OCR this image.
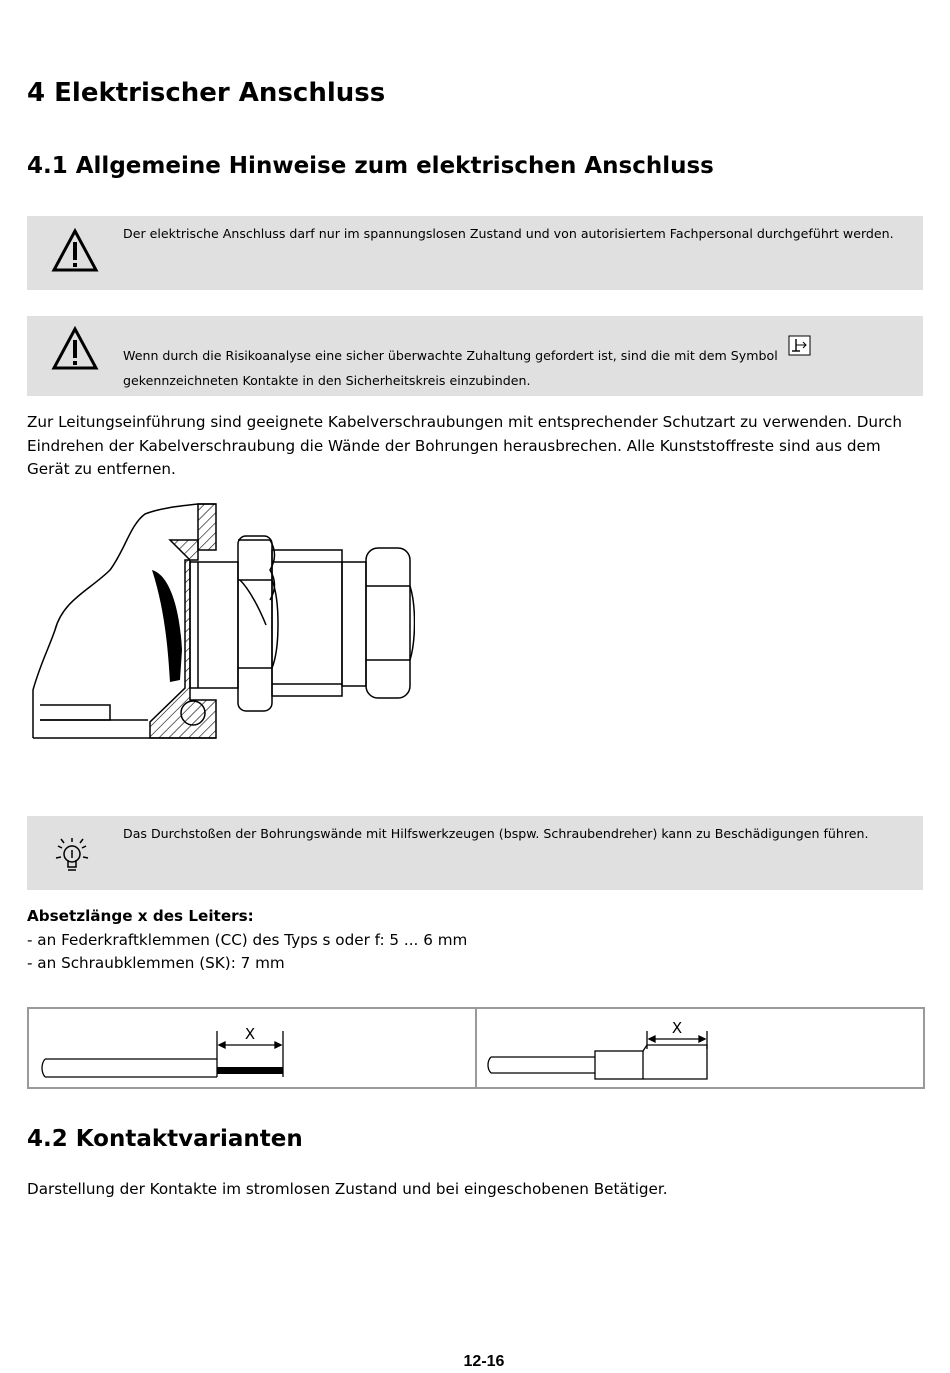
4 Elektrischer Anschluss
4.1 Allgemeine Hinweise zum elektrischen Anschluss
Der elektrische Anschluss darf nur im spannungslosen Zustand und von autorisiertem Fachpersonal durchgeführt werden.
Wenn durch die Risikoanalyse eine sicher überwachte Zuhaltung gefordert ist, sind die mit dem Symbol
gekennzeichneten Kontakte in den Sicherheitskreis einzubinden.
Zur Leitungseinführung sind geeignete Kabelverschraubungen mit entsprechender Schutzart zu verwenden. Durch
Eindrehen der Kabelverschraubung die Wände der Bohrungen herausbrechen. Alle Kunststoffreste sind aus dem
Gerät zu entfernen.
Das Durchstoßen der Bohrungswände mit Hilfswerkzeugen (bspw. Schraubendreher) kann zu Beschädigungen führen.
Absetzlänge x des Leiters:
- an Federkraftklemmen (CC) des Typs s oder f: 5 ... 6 mm
- an Schraubklemmen (SK): 7 mm
X	X
4.2 Kontaktvarianten
Darstellung der Kontakte im stromlosen Zustand und bei eingeschobenen Betätiger.
12-16
